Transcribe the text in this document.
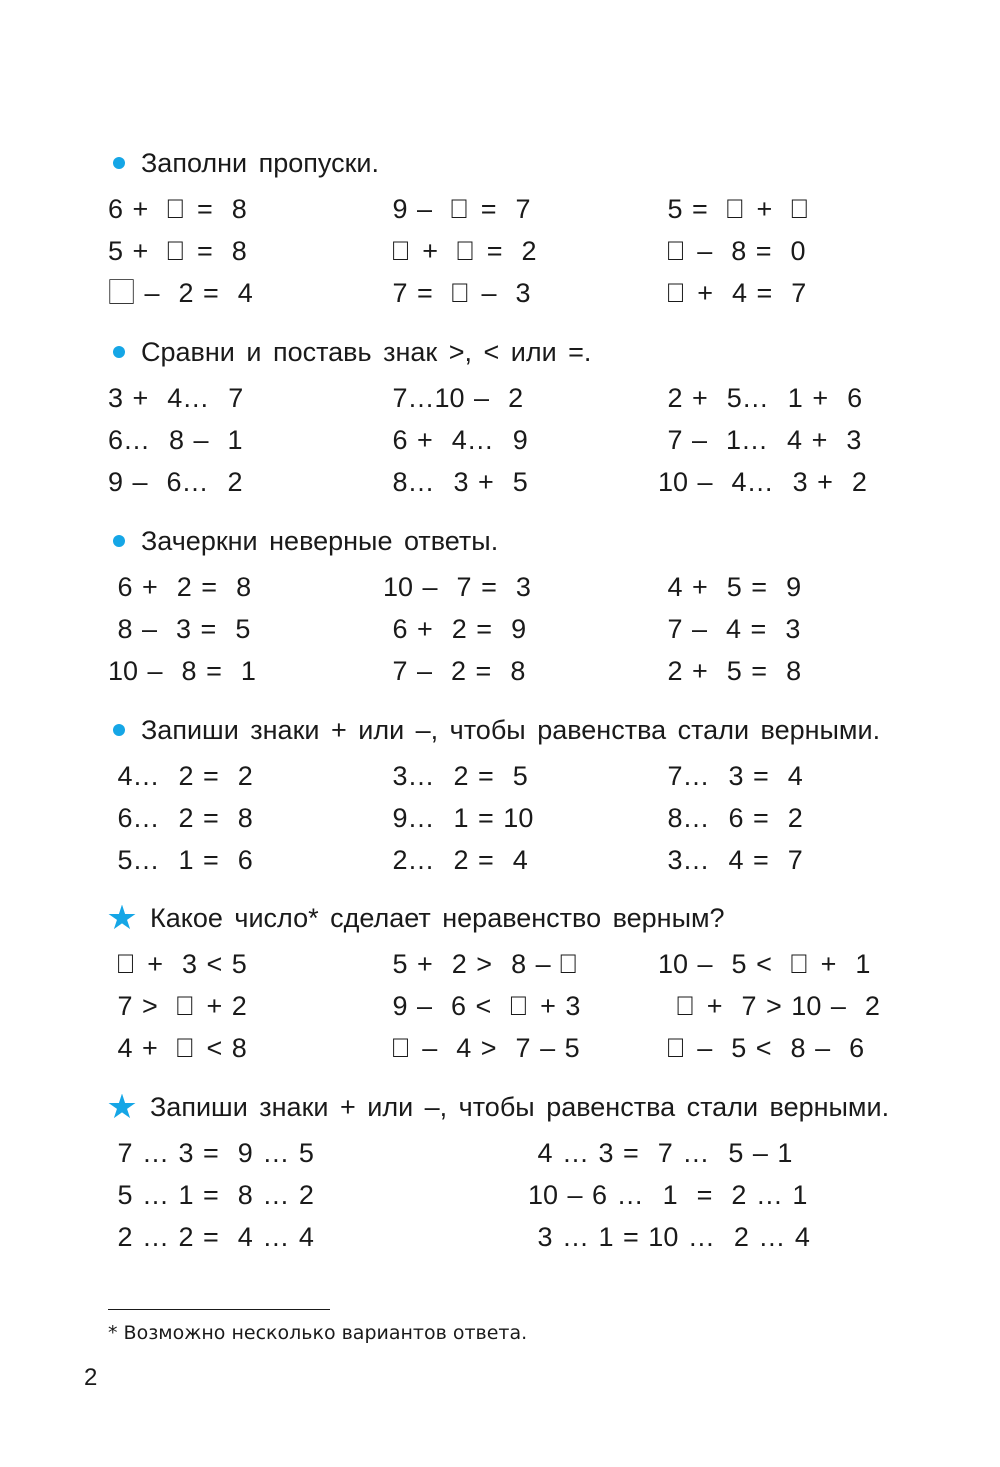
Заполни пропуски.
6 +  ⃞ =  8	9 –  ⃞ =  7	5 =  ⃞ +  ⃞
5 +  ⃞ =  8	⃞ +  ⃞ =  2	⃞ –  8 =  0
⃞ –  2 =  4	7 =  ⃞ –  3	⃞ +  4 =  7
Сравни и поставь знак >, < или =.
3 +  4…  7	7…10 –  2	2 +  5…  1 +  6
6…  8 –  1	6 +  4…  9	7 –  1…  4 +  3
9 –  6…  2	8…  3 +  5	10 –  4…  3 +  2
Зачеркни неверные ответы.
6 +  2 =  8	10 –  7 =  3	4 +  5 =  9
8 –  3 =  5	6 +  2 =  9	7 –  4 =  3
10 –  8 =  1	7 –  2 =  8	2 +  5 =  8
Запиши знаки + или –, чтобы равенства стали верными.
4…  2 =  2	3…  2 =  5	7…  3 =  4
6…  2 =  8	9…  1 = 10	8…  6 =  2
5…  1 =  6	2…  2 =  4	3…  4 =  7
Какое число* сделает неравенство верным?
⃞ +  3 < 5	5 +  2 >  8 – ⃞	10 –  5 <  ⃞ +  1
7 >  ⃞ + 2	9 –  6 <  ⃞ + 3	⃞ +  7 > 10 –  2
4 +  ⃞ < 8	⃞ –  4 >  7 – 5	⃞ –  5 <  8 –  6
Запиши знаки + или –, чтобы равенства стали верными.
7 … 3 =  9 … 5	4 … 3 =  7 …  5 – 1
5 … 1 =  8 … 2	10 – 6 …  1  =  2 … 1
2 … 2 =  4 … 4	3 … 1 = 10 …  2 … 4
* Возможно несколько вариантов ответа.
2
